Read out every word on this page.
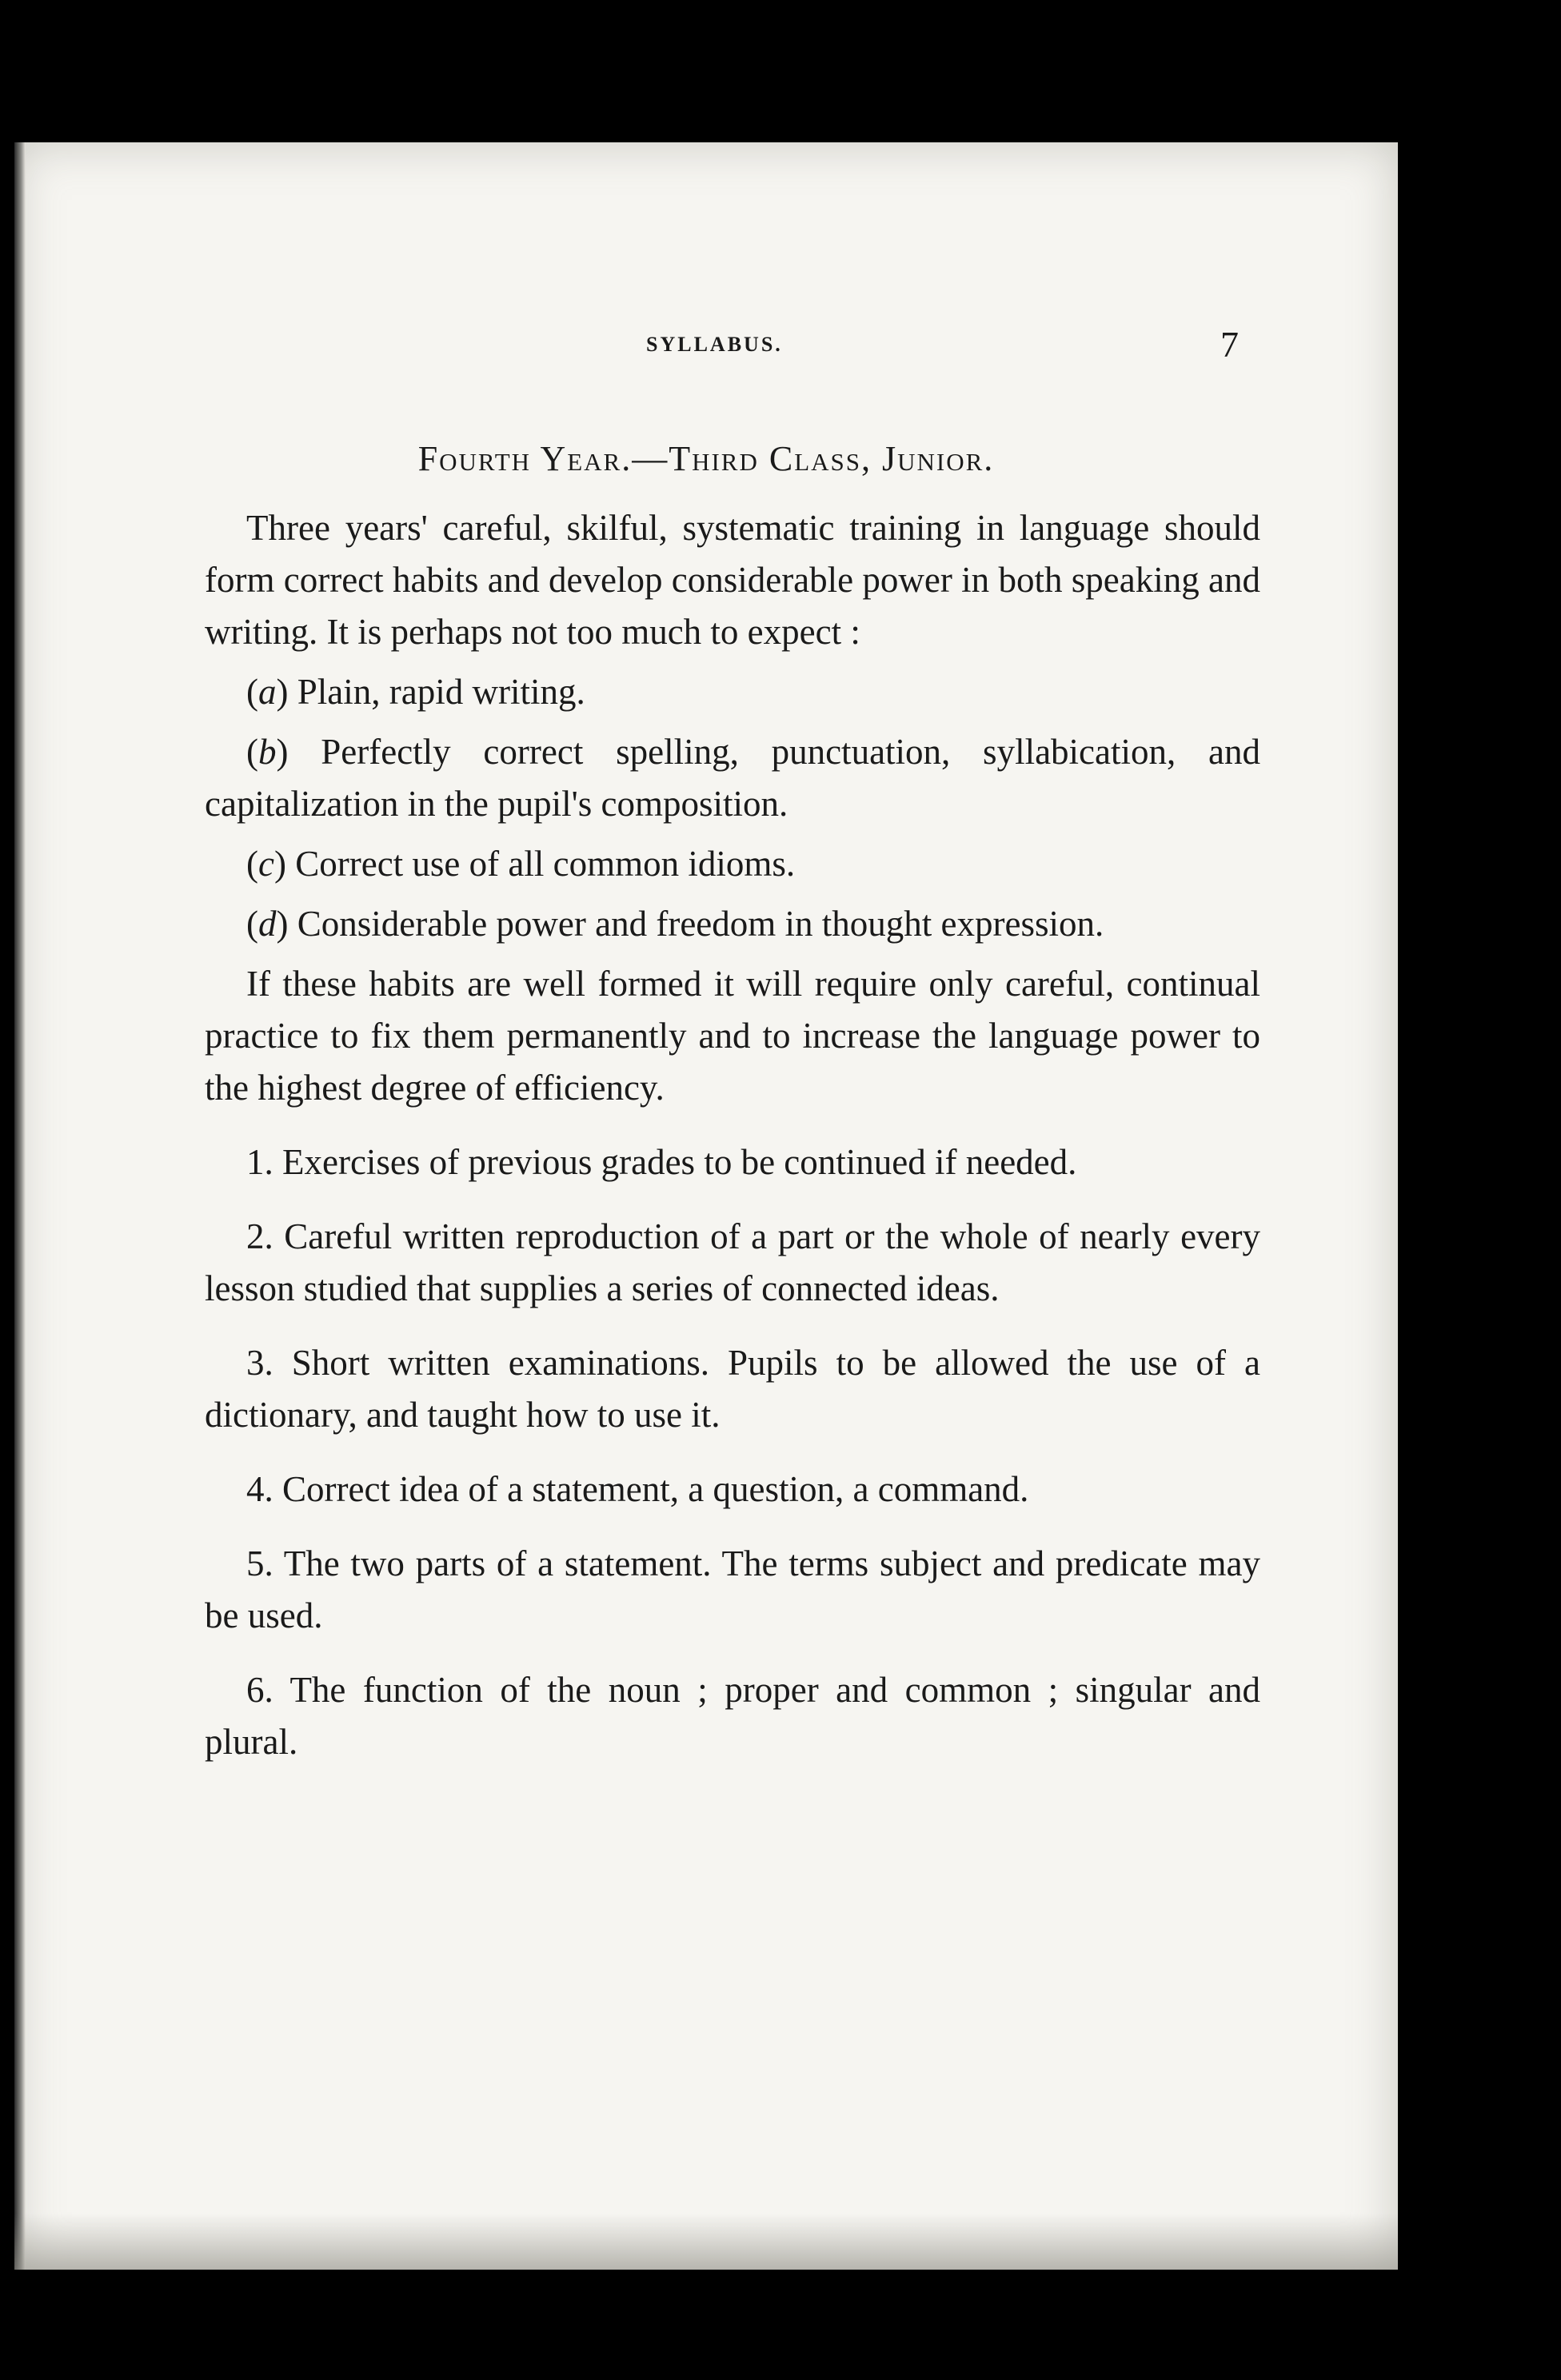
SYLLABUS.	7
Fourth Year.—Third Class, Junior.

Three years' careful, skilful, systematic training in language should form correct habits and develop considerable power in both speaking and writing. It is perhaps not too much to expect :

(a) Plain, rapid writing.

(b) Perfectly correct spelling, punctuation, syllabication, and capitalization in the pupil's composition.

(c) Correct use of all common idioms.

(d) Considerable power and freedom in thought expression.

If these habits are well formed it will require only careful, continual practice to fix them permanently and to increase the language power to the highest degree of efficiency.

1. Exercises of previous grades to be continued if needed.

2. Careful written reproduction of a part or the whole of nearly every lesson studied that supplies a series of connected ideas.

3. Short written examinations. Pupils to be allowed the use of a dictionary, and taught how to use it.

4. Correct idea of a statement, a question, a command.

5. The two parts of a statement. The terms subject and predicate may be used.

6. The function of the noun ; proper and common ; singular and plural.
